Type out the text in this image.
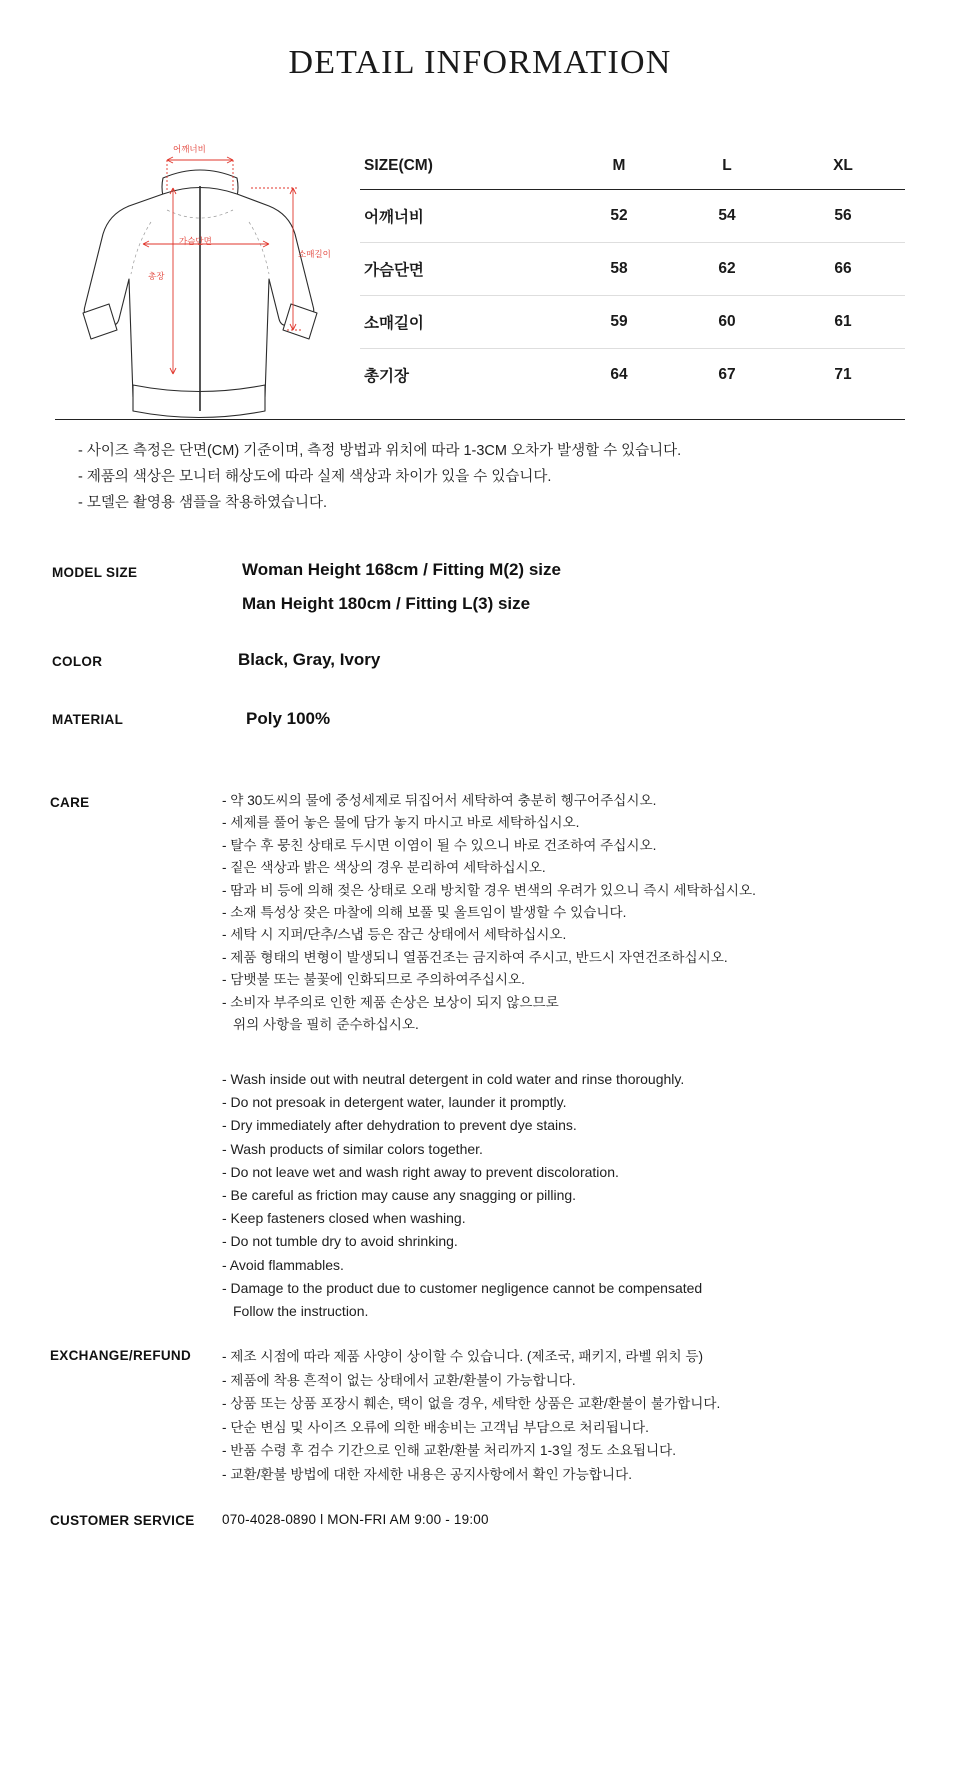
DETAIL INFORMATION
어깨너비
가슴단면
소매길이
총장
SIZE(CM)	M	L	XL
어깨너비	52	54	56
가슴단면	58	62	66
소매길이	59	60	61
총기장	64	67	71
- 사이즈 측정은 단면(CM) 기준이며, 측정 방법과 위치에 따라 1-3CM 오차가 발생할 수 있습니다.
- 제품의 색상은 모니터 해상도에 따라 실제 색상과 차이가 있을 수 있습니다.
- 모델은 촬영용 샘플을 착용하였습니다.
MODEL SIZE	Woman Height 168cm / Fitting M(2) size
Man Height 180cm / Fitting L(3) size
COLOR	Black, Gray, Ivory
MATERIAL	Poly 100%
CARE	- 약 30도씨의 물에 중성세제로 뒤집어서 세탁하여 충분히 헹구어주십시오.
- 세제를 풀어 놓은 물에 담가 놓지 마시고 바로 세탁하십시오.
- 탈수 후 뭉친 상태로 두시면 이염이 될 수 있으니 바로 건조하여 주십시오.
- 짙은 색상과 밝은 색상의 경우 분리하여 세탁하십시오.
- 땀과 비 등에 의해 젖은 상태로 오래 방치할 경우 변색의 우려가 있으니 즉시 세탁하십시오.
- 소재 특성상 잦은 마찰에 의해 보풀 및 올트임이 발생할 수 있습니다.
- 세탁 시 지퍼/단추/스냅 등은 잠근 상태에서 세탁하십시오.
- 제품 형태의 변형이 발생되니 열품건조는 금지하여 주시고, 반드시 자연건조하십시오.
- 담뱃불 또는 불꽃에 인화되므로 주의하여주십시오.
- 소비자 부주의로 인한 제품 손상은 보상이 되지 않으므로
위의 사항을 필히 준수하십시오.
- Wash inside out with neutral detergent in cold water and rinse thoroughly.
- Do not presoak in detergent water, launder it promptly.
- Dry immediately after dehydration to prevent dye stains.
- Wash products of similar colors together.
- Do not leave wet and wash right away to prevent discoloration.
- Be careful as friction may cause any snagging or pilling.
- Keep fasteners closed when washing.
- Do not tumble dry to avoid shrinking.
- Avoid flammables.
- Damage to the product due to customer negligence cannot be compensated
Follow the instruction.
EXCHANGE/REFUND - 제조 시점에 따라 제품 사양이 상이할 수 있습니다. (제조국, 패키지, 라벨 위치 등)
- 제품에 착용 흔적이 없는 상태에서 교환/환불이 가능합니다.
- 상품 또는 상품 포장시 훼손, 택이 없을 경우, 세탁한 상품은 교환/환불이 불가합니다.
- 단순 변심 및 사이즈 오류에 의한 배송비는 고객님 부담으로 처리됩니다.
- 반품 수령 후 검수 기간으로 인해 교환/환불 처리까지 1-3일 정도 소요됩니다.
- 교환/환불 방법에 대한 자세한 내용은 공지사항에서 확인 가능합니다.
CUSTOMER SERVICE 070-4028-0890 l MON-FRI AM 9:00 - 19:00
